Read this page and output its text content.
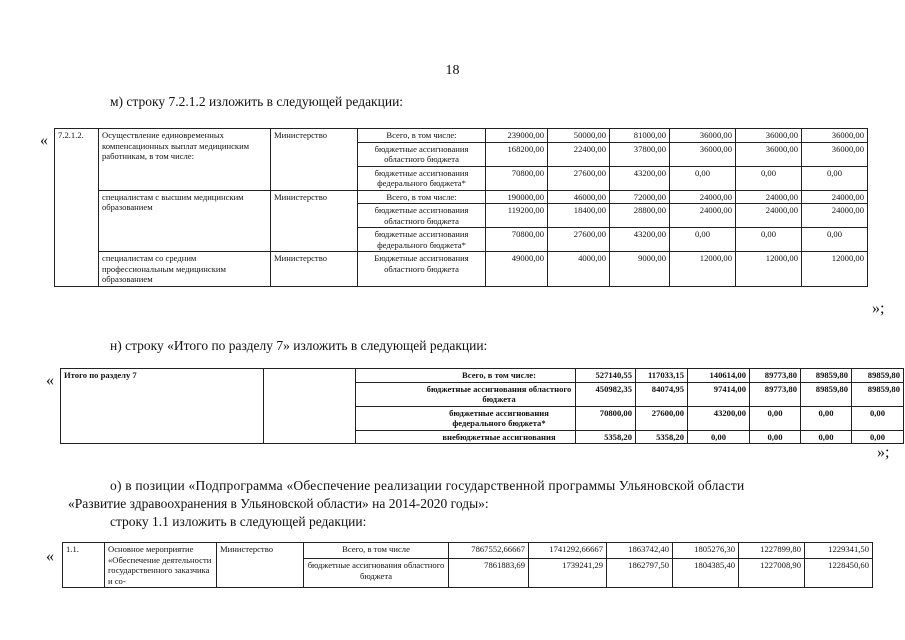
18
м) строку 7.2.1.2 изложить в следующей редакции:
« 7.2.1.2.	Осуществление единовременных компенсационных выплат медицинским работникам, в том числе:	Министерство	Всего, в том числе:	239000,00	50000,00	81000,00	36000,00	36000,00	36000,00
			бюджетные ассигнования областного бюджета	168200,00	22400,00	37800,00	36000,00	36000,00	36000,00
			бюджетные ассигнования федерального бюджета*	70800,00	27600,00	43200,00	0,00	0,00	0,00
	специалистам с высшим медицинским образованием	Министерство	Всего, в том числе:	190000,00	46000,00	72000,00	24000,00	24000,00	24000,00
			бюджетные ассигнования областного бюджета	119200,00	18400,00	28800,00	24000,00	24000,00	24000,00
			бюджетные ассигнования федерального бюджета*	70800,00	27600,00	43200,00	0,00	0,00	0,00
	специалистам со средним профессиональным медицинским образованием	Министерство	Бюджетные ассигнования областного бюджета	49000,00	4000,00	9000,00	12000,00	12000,00	12000,00
»;
н) строку «Итого по разделу 7» изложить в следующей редакции:
« Итого по разделу 7		Всего, в том числе:	527140,55	117033,15	140614,00	89773,80	89859,80	89859,80
		бюджетные ассигнования областного бюджета	450982,35	84074,95	97414,00	89773,80	89859,80	89859,80
		бюджетные ассигнования федерального бюджета*	70800,00	27600,00	43200,00	0,00	0,00	0,00
		внебюджетные ассигнования	5358,20	5358,20	0,00	0,00	0,00	0,00
»;
о) в позиции «Подпрограмма «Обеспечение реализации государственной программы Ульяновской области
«Развитие здравоохранения в Ульяновской области» на 2014-2020 годы»:
строку 1.1 изложить в следующей редакции:
« 1.1.	Основное мероприятие «Обеспечение деятельности государственного заказчика и со-	Министерство	Всего, в том числе	7867552,66667	1741292,66667	1863742,40	1805276,30	1227899,80	1229341,50
			бюджетные ассигнования областного бюджета	7861883,69	1739241,29	1862797,50	1804385,40	1227008,90	1228450,60
